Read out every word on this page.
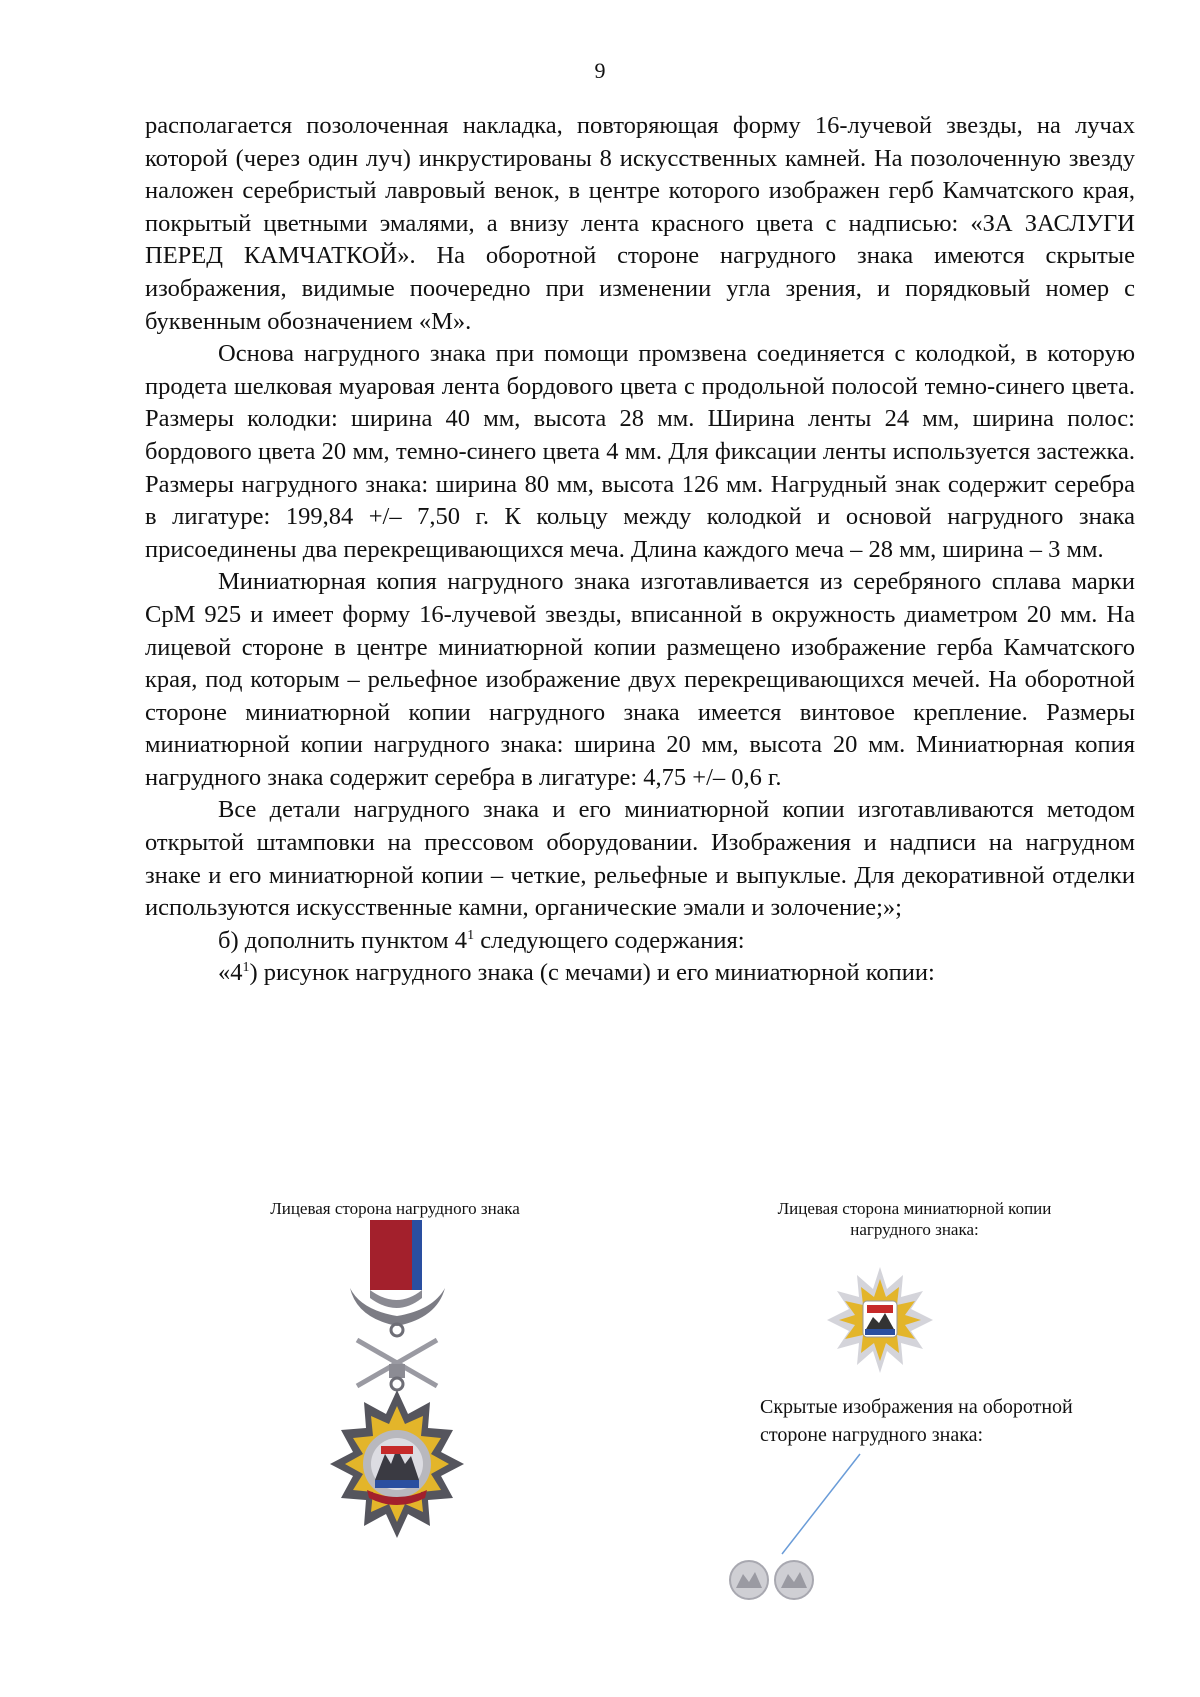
9

располагается позолоченная накладка, повторяющая форму 16-лучевой звезды, на лучах которой (через один луч) инкрустированы 8 искусственных камней. На позолоченную звезду наложен серебристый лавровый венок, в центре которого изображен герб Камчатского края, покрытый цветными эмалями, а внизу лента красного цвета с надписью: «ЗА ЗАСЛУГИ ПЕРЕД КАМЧАТКОЙ». На оборотной стороне нагрудного знака имеются скрытые изображения, видимые поочередно при изменении угла зрения, и порядковый номер с буквенным обозначением «М».

Основа нагрудного знака при помощи промзвена соединяется с колодкой, в которую продета шелковая муаровая лента бордового цвета с продольной полосой темно-синего цвета. Размеры колодки: ширина 40 мм, высота 28 мм. Ширина ленты 24 мм, ширина полос: бордового цвета 20 мм, темно-синего цвета 4 мм. Для фиксации ленты используется застежка. Размеры нагрудного знака: ширина 80 мм, высота 126 мм. Нагрудный знак содержит серебра в лигатуре: 199,84 +/– 7,50 г. К кольцу между колодкой и основой нагрудного знака присоединены два перекрещивающихся меча. Длина каждого меча – 28 мм, ширина – 3 мм.

Миниатюрная копия нагрудного знака изготавливается из серебряного сплава марки СрМ 925 и имеет форму 16-лучевой звезды, вписанной в окружность диаметром 20 мм. На лицевой стороне в центре миниатюрной копии размещено изображение герба Камчатского края, под которым – рельефное изображение двух перекрещивающихся мечей. На оборотной стороне миниатюрной копии нагрудного знака имеется винтовое крепление. Размеры миниатюрной копии нагрудного знака: ширина 20 мм, высота 20 мм. Миниатюрная копия нагрудного знака содержит серебра в лигатуре: 4,75 +/– 0,6 г.

Все детали нагрудного знака и его миниатюрной копии изготавливаются методом открытой штамповки на прессовом оборудовании. Изображения и надписи на нагрудном знаке и его миниатюрной копии – четкие, рельефные и выпуклые. Для декоративной отделки используются искусственные камни, органические эмали и золочение;»;

б) дополнить пунктом $4^1$ следующего содержания:

«$4^1$) рисунок нагрудного знака (с мечами) и его миниатюрной копии:

Лицевая сторона нагрудного знака	Лицевая сторона миниатюрной копии нагрудного знака:
Скрытые изображения на оборотной стороне нагрудного знака:
